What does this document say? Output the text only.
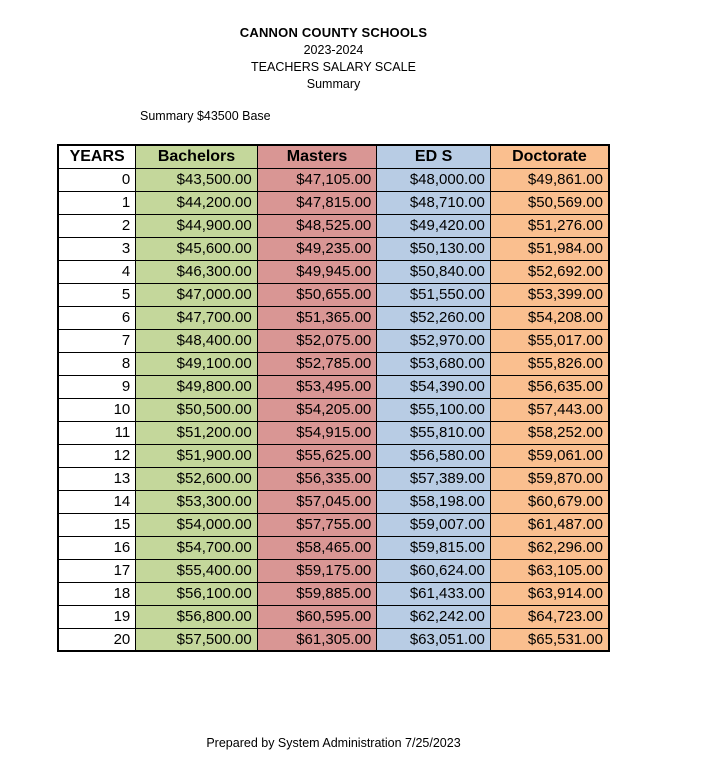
CANNON COUNTY SCHOOLS
2023-2024
TEACHERS SALARY SCALE
Summary
Summary $43500 Base
YEARS	Bachelors	Masters	ED S	Doctorate
0	$43,500.00	$47,105.00	$48,000.00	$49,861.00
1	$44,200.00	$47,815.00	$48,710.00	$50,569.00
2	$44,900.00	$48,525.00	$49,420.00	$51,276.00
3	$45,600.00	$49,235.00	$50,130.00	$51,984.00
4	$46,300.00	$49,945.00	$50,840.00	$52,692.00
5	$47,000.00	$50,655.00	$51,550.00	$53,399.00
6	$47,700.00	$51,365.00	$52,260.00	$54,208.00
7	$48,400.00	$52,075.00	$52,970.00	$55,017.00
8	$49,100.00	$52,785.00	$53,680.00	$55,826.00
9	$49,800.00	$53,495.00	$54,390.00	$56,635.00
10	$50,500.00	$54,205.00	$55,100.00	$57,443.00
11	$51,200.00	$54,915.00	$55,810.00	$58,252.00
12	$51,900.00	$55,625.00	$56,580.00	$59,061.00
13	$52,600.00	$56,335.00	$57,389.00	$59,870.00
14	$53,300.00	$57,045.00	$58,198.00	$60,679.00
15	$54,000.00	$57,755.00	$59,007.00	$61,487.00
16	$54,700.00	$58,465.00	$59,815.00	$62,296.00
17	$55,400.00	$59,175.00	$60,624.00	$63,105.00
18	$56,100.00	$59,885.00	$61,433.00	$63,914.00
19	$56,800.00	$60,595.00	$62,242.00	$64,723.00
20	$57,500.00	$61,305.00	$63,051.00	$65,531.00
Prepared by System Administration 7/25/2023
